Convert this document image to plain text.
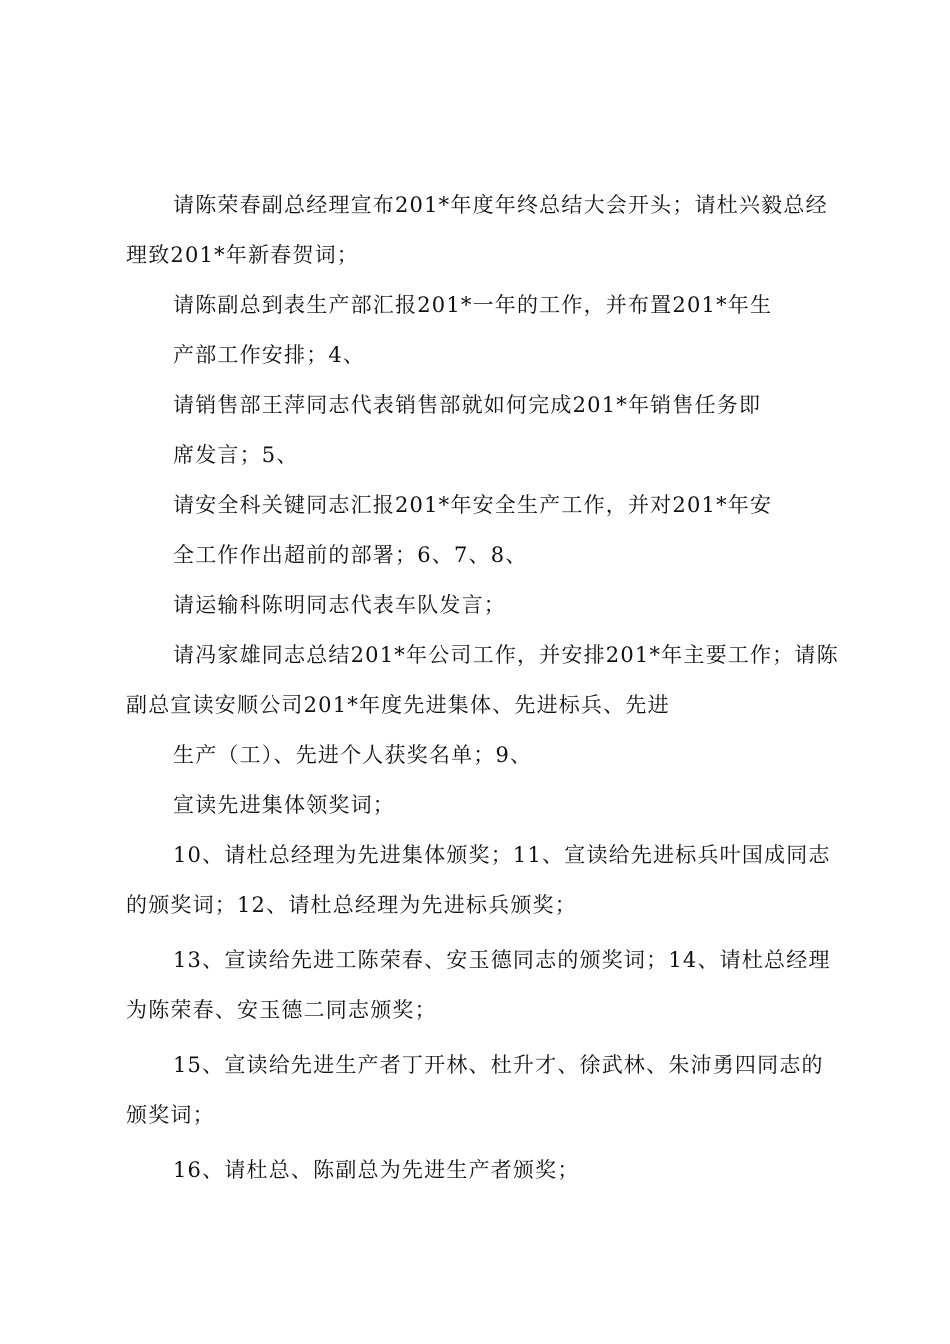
请陈荣春副总经理宣布201*年度年终总结大会开头；请杜兴毅总经
理致201*年新春贺词；
请陈副总到表生产部汇报201*一年的工作，并布置201*年生
产部工作安排；4、
请销售部王萍同志代表销售部就如何完成201*年销售任务即
席发言；5、
请安全科关键同志汇报201*年安全生产工作，并对201*年安
全工作作出超前的部署；6、7、8、
请运输科陈明同志代表车队发言；
请冯家雄同志总结201*年公司工作，并安排201*年主要工作；请陈
副总宣读安顺公司201*年度先进集体、先进标兵、先进
生产（工）、先进个人获奖名单；9、
宣读先进集体领奖词；
10、请杜总经理为先进集体颁奖；11、宣读给先进标兵叶国成同志
的颁奖词；12、请杜总经理为先进标兵颁奖；
13、宣读给先进工陈荣春、安玉德同志的颁奖词；14、请杜总经理
为陈荣春、安玉德二同志颁奖；
15、宣读给先进生产者丁开林、杜升才、徐武林、朱沛勇四同志的
颁奖词；
16、请杜总、陈副总为先进生产者颁奖；
